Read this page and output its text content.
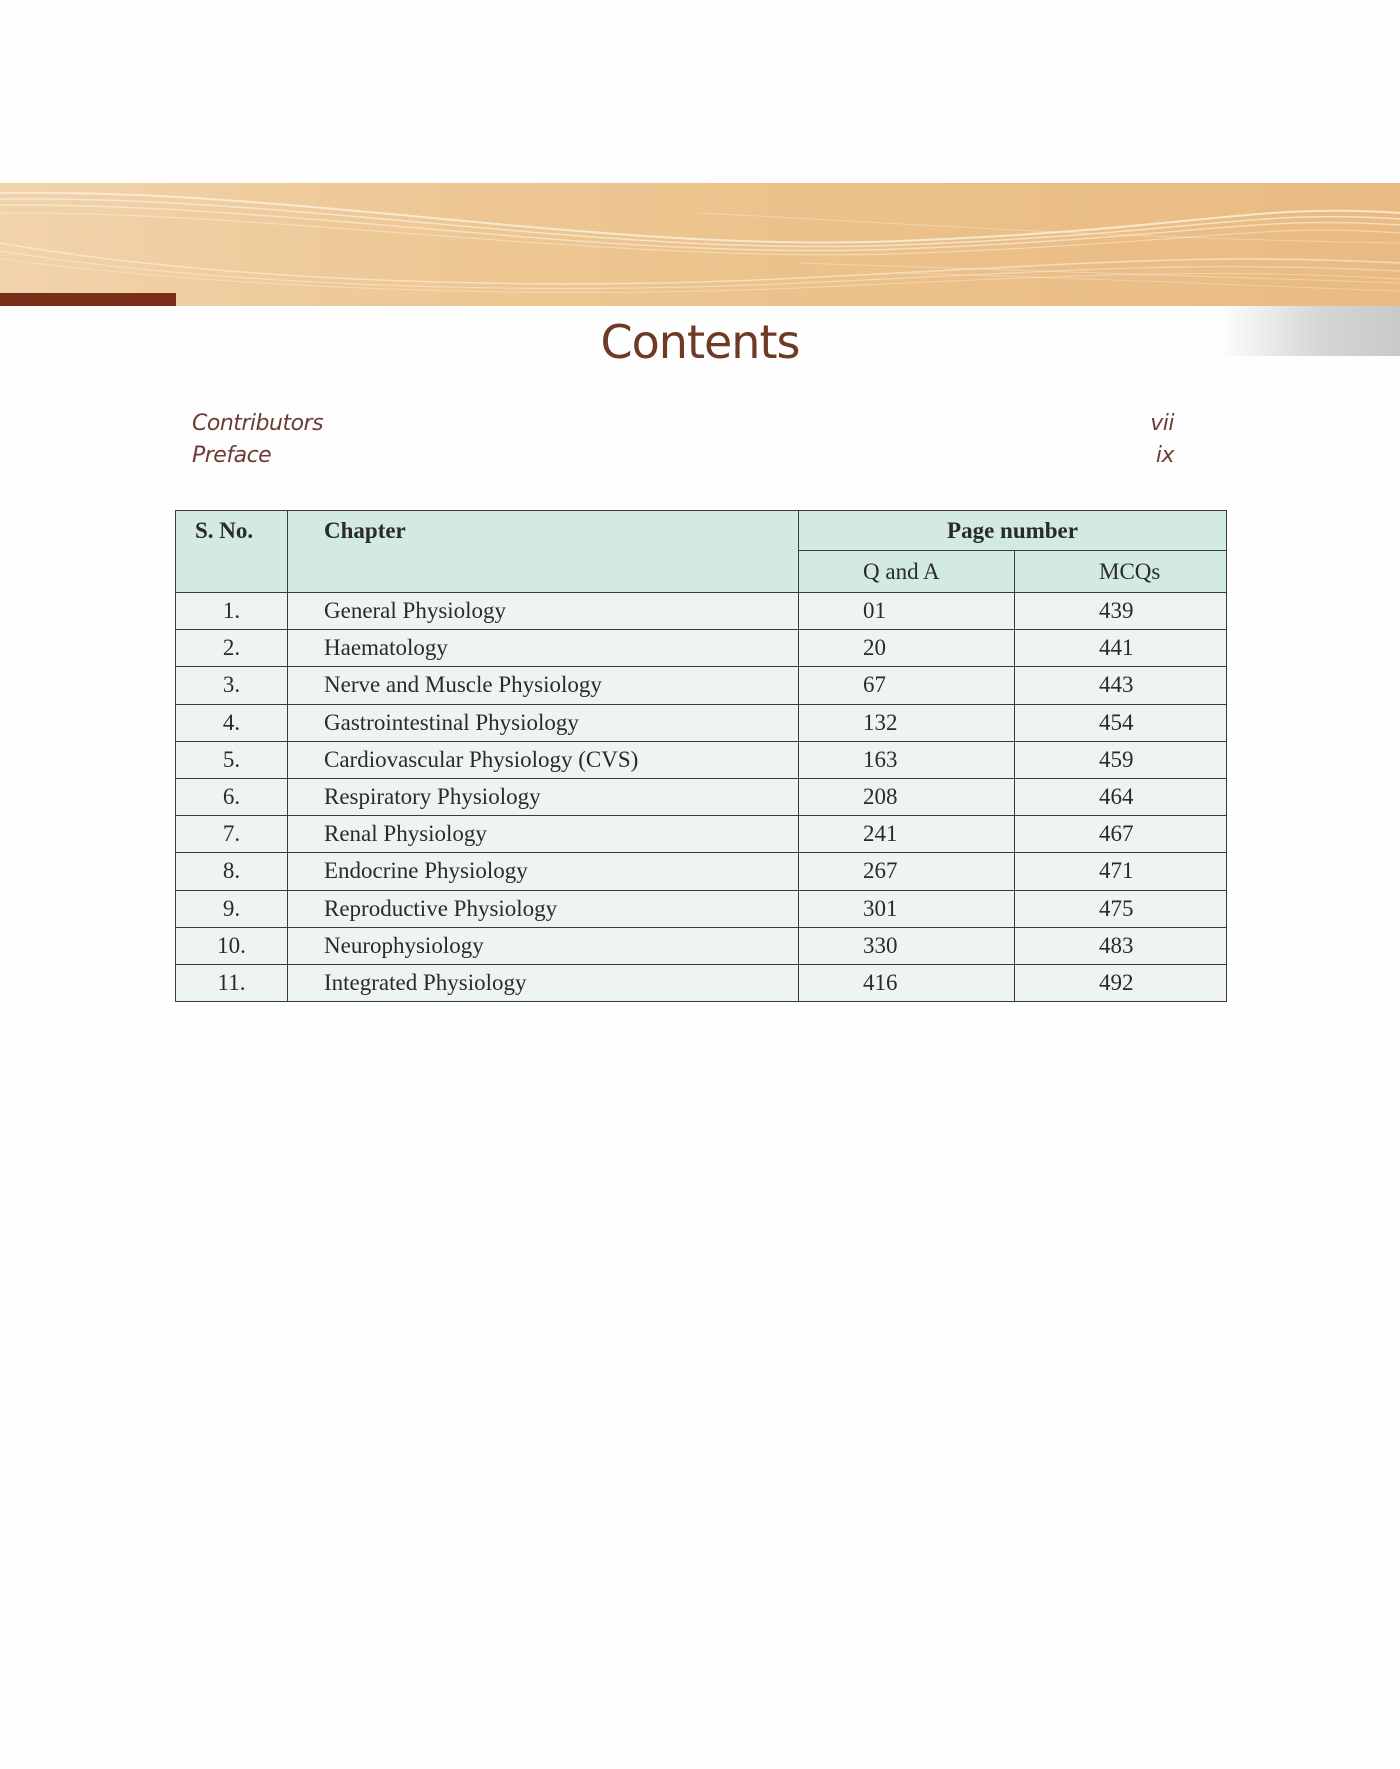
Contents
Contributors	vii
Preface	ix
S. No.	Chapter	Page number	
		Q and A	MCQs
1.	General Physiology	01	439
2.	Haematology	20	441
3.	Nerve and Muscle Physiology	67	443
4.	Gastrointestinal Physiology	132	454
5.	Cardiovascular Physiology (CVS)	163	459
6.	Respiratory Physiology	208	464
7.	Renal Physiology	241	467
8.	Endocrine Physiology	267	471
9.	Reproductive Physiology	301	475
10.	Neurophysiology	330	483
11.	Integrated Physiology	416	492
